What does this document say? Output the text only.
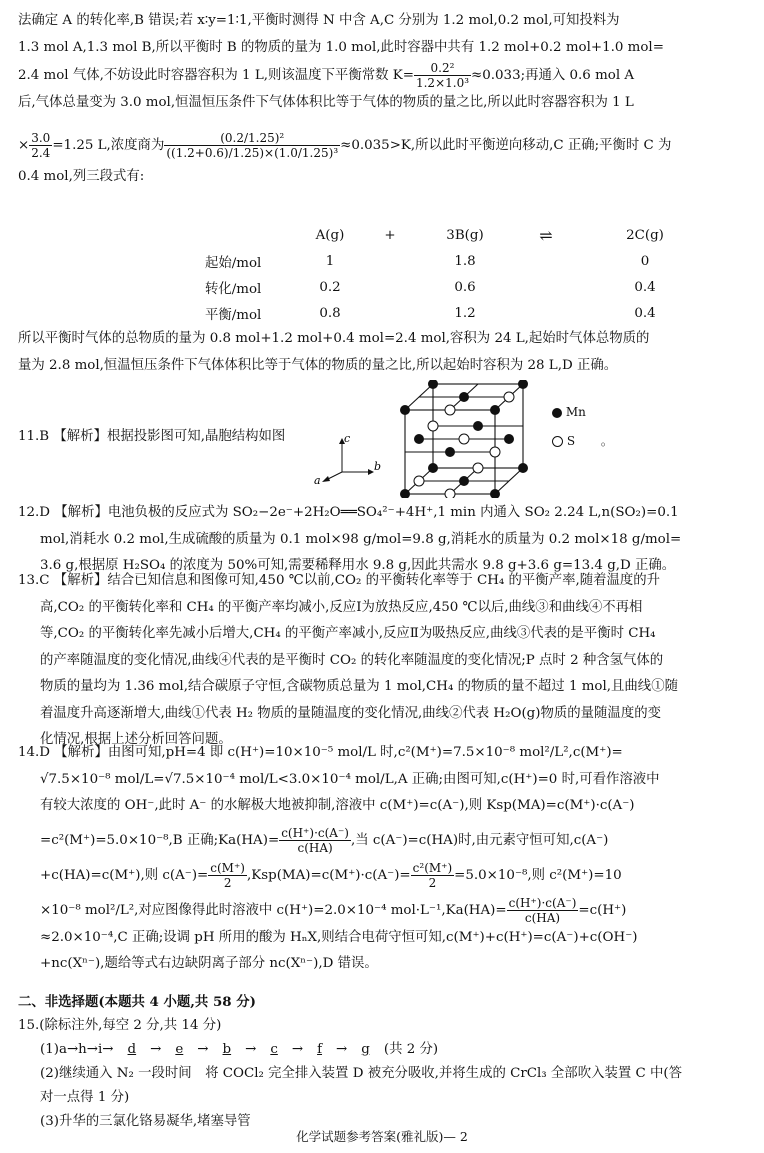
法确定 A 的转化率,B 错误;若 x∶y=1∶1,平衡时测得 N 中含 A,C 分别为 1.2 mol,0.2 mol,可知投料为
1.3 mol A,1.3 mol B,所以平衡时 B 的物质的量为 1.0 mol,此时容器中共有 1.2 mol+0.2 mol+1.0 mol=
2.4 mol 气体,不妨设此时容器容积为 1 L,则该温度下平衡常数 $K= \frac{\text{0.2²}}{\text{1.2×1.0³}} \approx 0.033$;再通入 0.6 mol A
后,气体总量变为 3.0 mol,恒温恒压条件下气体体积比等于气体的物质的量之比,所以此时容器容积为 1 L
× $\frac{3.0}{2.4} =1.25$ L,浓度商为 $\frac{\text{(0.2/1.25)²}}{\text{((1.2+0.6)/1.25)×(1.0/1.25)³}} \approx 0.035>K$,所以此时平衡逆向移动,C 正确;平衡时 C 为
0.4 mol,列三段式有:
	A(g)	+	3B(g)	⇌	2C(g)
起始/mol	1		1.8		0
转化/mol	0.2		0.6		0.4
平衡/mol	0.8		1.2		0.4
所以平衡时气体的总物质的量为 0.8 mol+1.2 mol+0.4 mol=2.4 mol,容积为 24 L,起始时气体总物质的
量为 2.8 mol,恒温恒压条件下气体体积比等于气体的物质的量之比,所以起始时容积为 28 L,D 正确。
11.B 【解析】根据投影图可知,晶胞结构如图	c
b
a
Mn
S 。
12.D 【解析】电池负极的反应式为 SO₂−2e⁻+2H₂O══SO₄²⁻+4H⁺,1 min 内通入 SO₂ 2.24 L,n(SO₂)=0.1
mol,消耗水 0.2 mol,生成硫酸的质量为 0.1 mol×98 g/mol=9.8 g,消耗水的质量为 0.2 mol×18 g/mol=
3.6 g,根据原 H₂SO₄ 的浓度为 50%可知,需要稀释用水 9.8 g,因此共需水 9.8 g+3.6 g=13.4 g,D 正确。
13.C 【解析】结合已知信息和图像可知,450 ℃以前,CO₂ 的平衡转化率等于 CH₄ 的平衡产率,随着温度的升
高,CO₂ 的平衡转化率和 CH₄ 的平衡产率均减小,反应Ⅰ为放热反应,450 ℃以后,曲线③和曲线④不再相
等,CO₂ 的平衡转化率先减小后增大,CH₄ 的平衡产率减小,反应Ⅱ为吸热反应,曲线③代表的是平衡时 CH₄
的产率随温度的变化情况,曲线④代表的是平衡时 CO₂ 的转化率随温度的变化情况;P 点时 2 种含氢气体的
物质的量均为 1.36 mol,结合碳原子守恒,含碳物质总量为 1 mol,CH₄ 的物质的量不超过 1 mol,且曲线①随
着温度升高逐渐增大,曲线①代表 H₂ 物质的量随温度的变化情况,曲线②代表 H₂O(g)物质的量随温度的变
化情况,根据上述分析回答问题。
14.D 【解析】由图可知,pH=4 即 c(H⁺)=10×10⁻⁵ mol/L 时,c²(M⁺)=7.5×10⁻⁸ mol²/L²,c(M⁺)=
√7.5×10⁻⁸ mol/L=√7.5×10⁻⁴ mol/L<3.0×10⁻⁴ mol/L,A 正确;由图可知,c(H⁺)=0 时,可看作溶液中
有较大浓度的 OH⁻,此时 A⁻ 的水解极大地被抑制,溶液中 c(M⁺)=c(A⁻),则 Ksp(MA)=c(M⁺)·c(A⁻)
=c²(M⁺)=5.0×10⁻⁸,B 正确;Ka(HA)= $\frac{c(H^+)\cdot c(A^-)}{c(HA)}$ ,当 c(A⁻)=c(HA)时,由元素守恒可知,c(A⁻)
+c(HA)=c(M⁺),则 $c(A^-)= \frac{c(M^+)}{2} ,Ksp(MA)=c(M^+)\cdot c(A^-)= \frac{\text{c²(M⁺)}}{2} =5.0\times 10^{-8}$,则 c²(M⁺)=10
×10⁻⁸ mol²/L²,对应图像得此时溶液中 c(H⁺)=2.0×10⁻⁴ $mol\cdot L^{-1},Ka(HA)= \frac{c(H^+)\cdot c(A^-)}{c(HA)} =c(H^+)$
≈2.0×10⁻⁴,C 正确;设调 pH 所用的酸为 HₙX,则结合电荷守恒可知,c(M⁺)+c(H⁺)=c(A⁻)+c(OH⁻)
+nc(Xⁿ⁻),题给等式右边缺阴离子部分 nc(Xⁿ⁻),D 错误。
二、非选择题(本题共 4 小题,共 58 分)
15.(除标注外,每空 2 分,共 14 分)
(1)a→h→i→ d → e → b → c → f → g (共 2 分)
(2)继续通入 N₂ 一段时间　将 COCl₂ 完全排入装置 D 被充分吸收,并将生成的 CrCl₃ 全部吹入装置 C 中(答
对一点得 1 分)
(3)升华的三氯化铬易凝华,堵塞导管
化学试题参考答案(雅礼版)— 2
